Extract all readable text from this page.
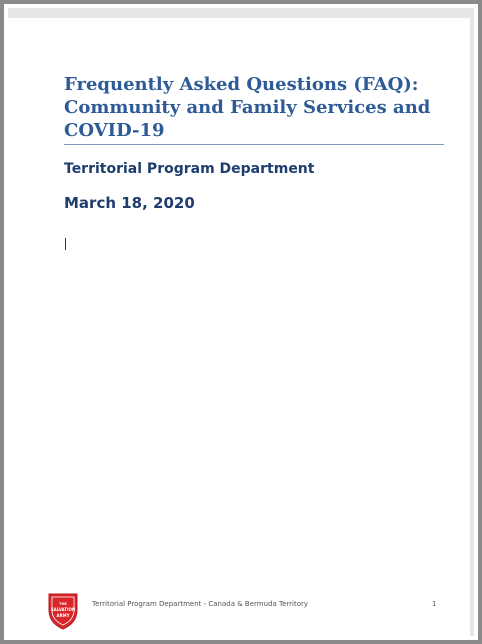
Frequently Asked Questions (FAQ): Community and Family Services and COVID-19
Territorial Program Department
March 18, 2020
THE
SALVATION
ARMY
Territorial Program Department - Canada & Bermuda Territory	1
